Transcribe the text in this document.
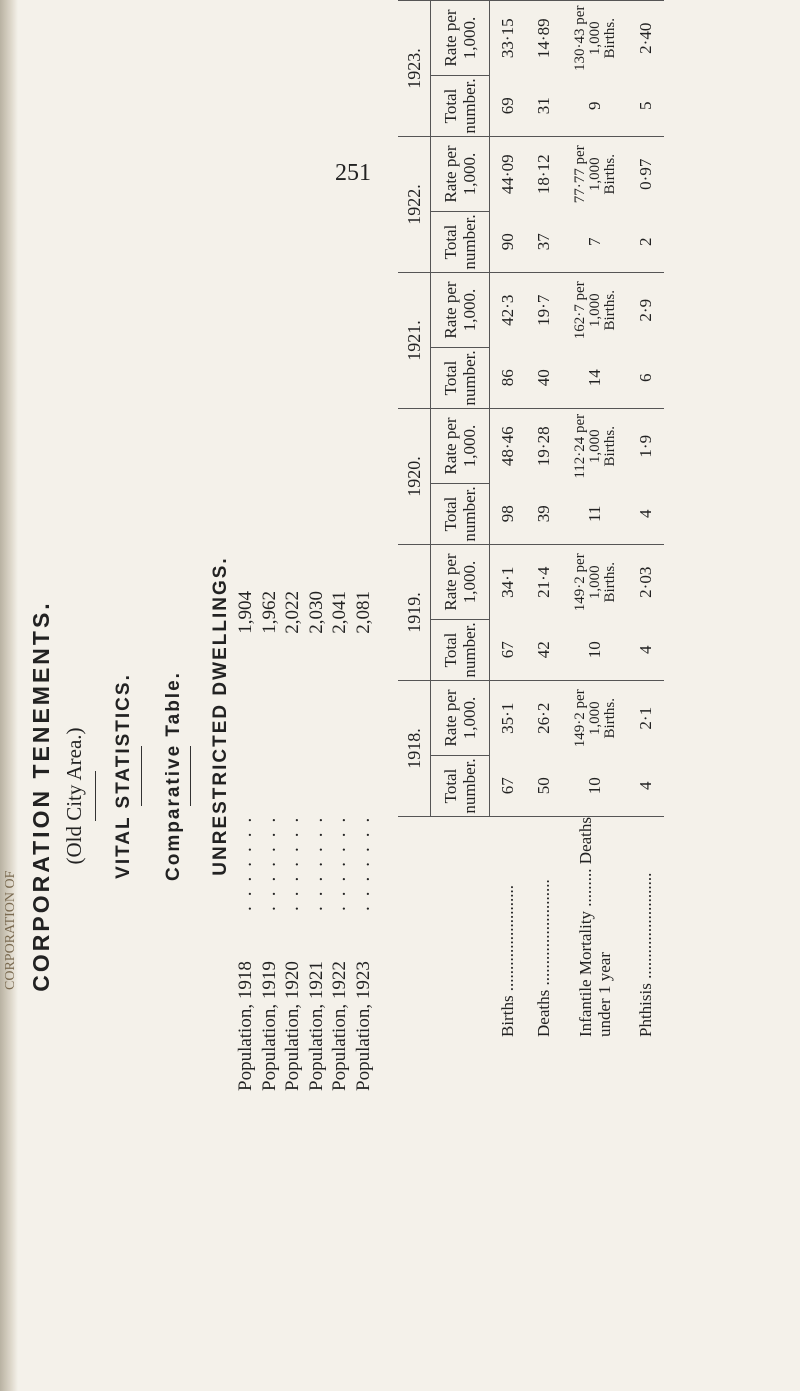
CORPORATION OF
251
CORPORATION TENEMENTS. (Old City Area.) VITAL STATISTICS. Comparative Table. UNRESTRICTED DWELLINGS.
Population, 1918
.......
1,904
Population, 1919
.......
1,962
Population, 1920
.......
2,022
Population, 1921
.......
2,030
Population, 1922
.......
2,041
Population, 1923
.......
2,081
	1918.		1919.		1920.		1921.		1922.		1923.	
	Total number.	Rate per 1,000.	Total number.	Rate per 1,000.	Total number.	Rate per 1,000.	Total number.	Rate per 1,000.	Total number.	Rate per 1,000.	Total number.	Rate per 1,000.
Births .........................	67	35·1	67	34·1	98	48·46	86	42·3	90	44·09	69	33·15
Deaths .........................	50	26·2	42	21·4	39	19·28	40	19·7	37	18·12	31	14·89
Infantile Mortality ......... Deaths under 1 year	10	149·2 per 1,000 Births.	10	149·2 per 1,000 Births.	11	112·24 per 1,000 Births.	14	162·7 per 1,000 Births.	7	77·77 per 1,000 Births.	9	130·43 per 1,000 Births.
Phthisis .........................	4	2·1	4	2·03	4	1·9	6	2·9	2	0·97	5	2·40
